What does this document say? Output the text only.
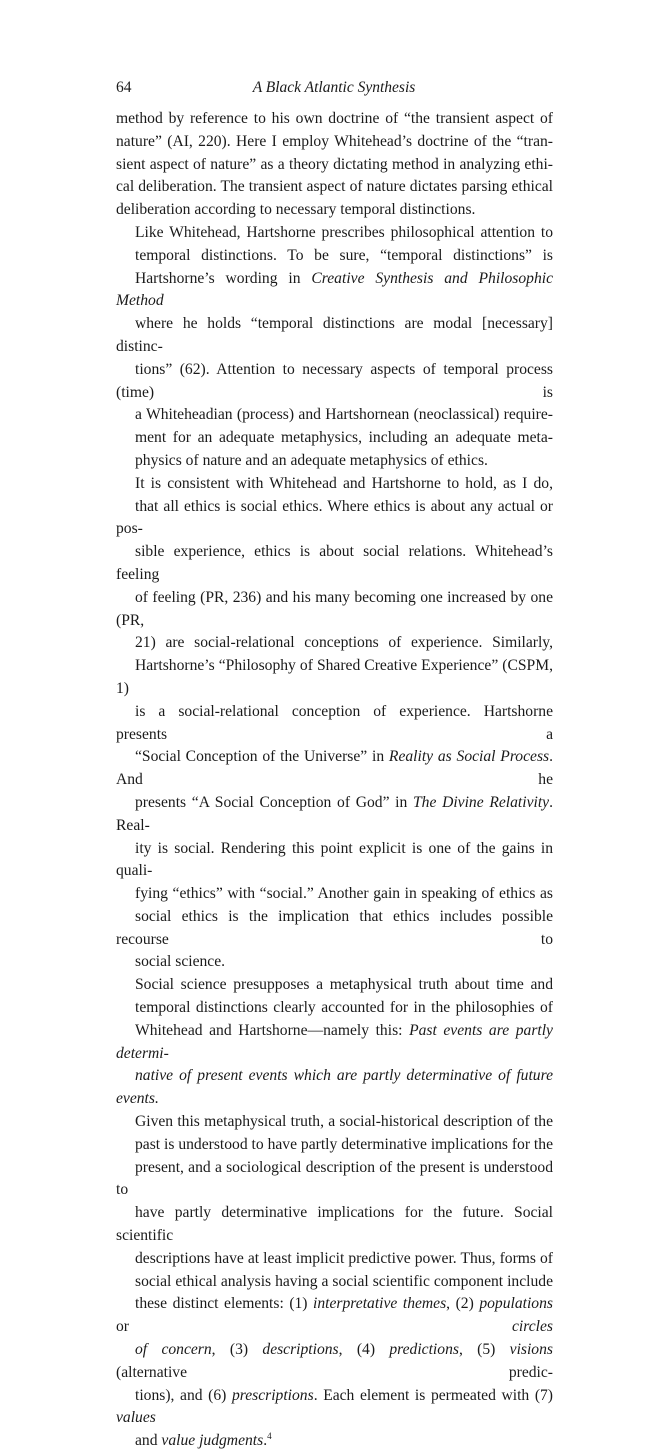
64	A Black Atlantic Synthesis

method by reference to his own doctrine of “the transient aspect of
nature” (AI, 220). Here I employ Whitehead’s doctrine of the “tran-
sient aspect of nature” as a theory dictating method in analyzing ethi-
cal deliberation. The transient aspect of nature dictates parsing ethical
deliberation according to necessary temporal distinctions.

Like Whitehead, Hartshorne prescribes philosophical attention to
temporal distinctions. To be sure, “temporal distinctions” is
Hartshorne’s wording in Creative Synthesis and Philosophic Method
where he holds “temporal distinctions are modal [necessary] distinc-
tions” (62). Attention to necessary aspects of temporal process (time) is
a Whiteheadian (process) and Hartshornean (neoclassical) require-
ment for an adequate metaphysics, including an adequate meta-
physics of nature and an adequate metaphysics of ethics.

It is consistent with Whitehead and Hartshorne to hold, as I do,
that all ethics is social ethics. Where ethics is about any actual or pos-
sible experience, ethics is about social relations. Whitehead’s feeling
of feeling (PR, 236) and his many becoming one increased by one (PR,
21) are social-relational conceptions of experience. Similarly,
Hartshorne’s “Philosophy of Shared Creative Experience” (CSPM, 1)
is a social-relational conception of experience. Hartshorne presents a
“Social Conception of the Universe” in Reality as Social Process. And he
presents “A Social Conception of God” in The Divine Relativity. Real-
ity is social. Rendering this point explicit is one of the gains in quali-
fying “ethics” with “social.” Another gain in speaking of ethics as
social ethics is the implication that ethics includes possible recourse to
social science.

Social science presupposes a metaphysical truth about time and
temporal distinctions clearly accounted for in the philosophies of
Whitehead and Hartshorne—namely this: Past events are partly determi-
native of present events which are partly determinative of future events.

Given this metaphysical truth, a social-historical description of the
past is understood to have partly determinative implications for the
present, and a sociological description of the present is understood to
have partly determinative implications for the future. Social scientific
descriptions have at least implicit predictive power. Thus, forms of
social ethical analysis having a social scientific component include
these distinct elements: (1) interpretative themes, (2) populations or circles
of concern, (3) descriptions, (4) predictions, (5) visions (alternative predic-
tions), and (6) prescriptions. Each element is permeated with (7) values
and value judgments.$^4$
